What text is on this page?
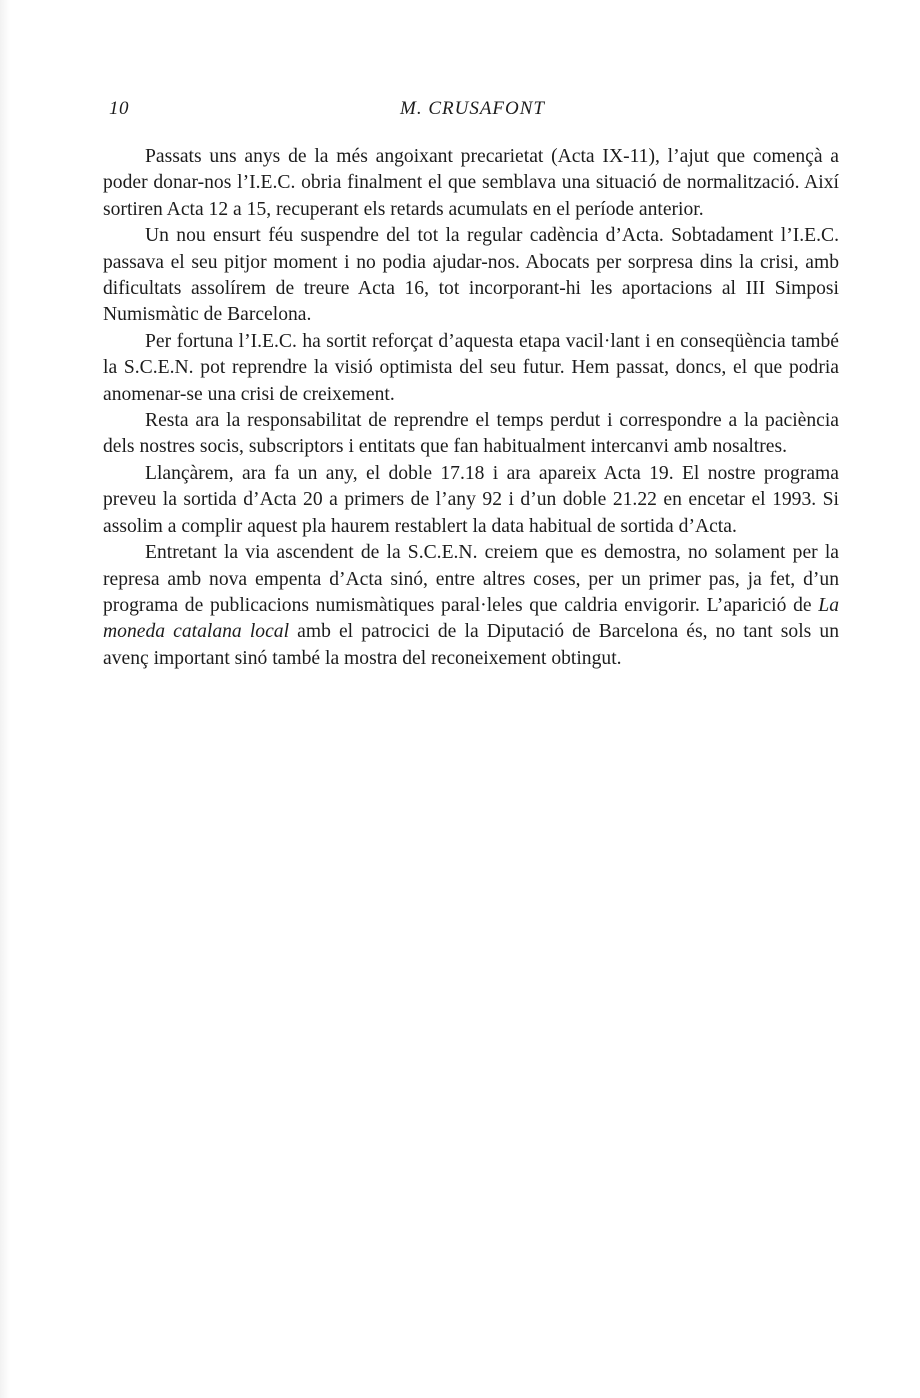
10	M. CRUSAFONT

Passats uns anys de la més angoixant precarietat (Acta IX-11), l’ajut que començà a poder donar-nos l’I.E.C. obria finalment el que semblava una situació de normalització. Així sortiren Acta 12 a 15, recuperant els retards acumulats en el període anterior.

Un nou ensurt féu suspendre del tot la regular cadència d’Acta. Sobtadament l’I.E.C. passava el seu pitjor moment i no podia ajudar-nos. Abocats per sorpresa dins la crisi, amb dificultats assolírem de treure Acta 16, tot incorporant-hi les aportacions al III Simposi Numismàtic de Barcelona.

Per fortuna l’I.E.C. ha sortit reforçat d’aquesta etapa vacil·lant i en conseqüència també la S.C.E.N. pot reprendre la visió optimista del seu futur. Hem passat, doncs, el que podria anomenar-se una crisi de creixement.

Resta ara la responsabilitat de reprendre el temps perdut i correspondre a la paciència dels nostres socis, subscriptors i entitats que fan habitualment intercanvi amb nosaltres.

Llançàrem, ara fa un any, el doble 17.18 i ara apareix Acta 19. El nostre programa preveu la sortida d’Acta 20 a primers de l’any 92 i d’un doble 21.22 en encetar el 1993. Si assolim a complir aquest pla haurem restablert la data habitual de sortida d’Acta.

Entretant la via ascendent de la S.C.E.N. creiem que es demostra, no solament per la represa amb nova empenta d’Acta sinó, entre altres coses, per un primer pas, ja fet, d’un programa de publicacions numismàtiques paral·leles que caldria envigorir. L’aparició de La moneda catalana local amb el patrocici de la Diputació de Barcelona és, no tant sols un avenç important sinó també la mostra del reconeixement obtingut.
